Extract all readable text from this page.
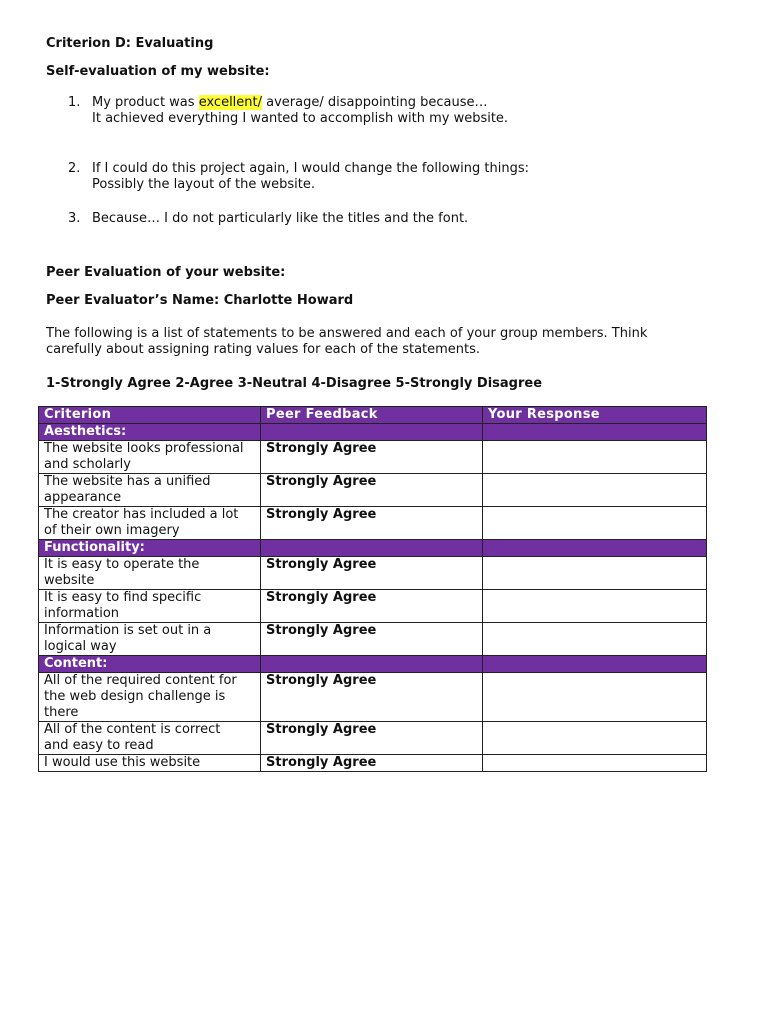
Criterion D: Evaluating
Self-evaluation of my website:
1. My product was excellent/ average/ disappointing because…
It achieved everything I wanted to accomplish with my website.
2. If I could do this project again, I would change the following things:
Possibly the layout of the website.
3. Because… I do not particularly like the titles and the font.
Peer Evaluation of your website:
Peer Evaluator’s Name: Charlotte Howard
The following is a list of statements to be answered and each of your group members. Think
carefully about assigning rating values for each of the statements.
1-Strongly Agree 2-Agree 3-Neutral 4-Disagree 5-Strongly Disagree
Criterion	Peer Feedback	Your Response
Aesthetics:		

The website looks professional
and scholarly	Strongly Agree	

The website has a unified
appearance	Strongly Agree	

The creator has included a lot
of their own imagery	Strongly Agree	
Functionality:		

It is easy to operate the
website	Strongly Agree	

It is easy to find specific
information	Strongly Agree	

Information is set out in a
logical way	Strongly Agree	
Content:		

All of the required content for
the web design challenge is
there	Strongly Agree	

All of the content is correct
and easy to read	Strongly Agree	
I would use this website	Strongly Agree	
